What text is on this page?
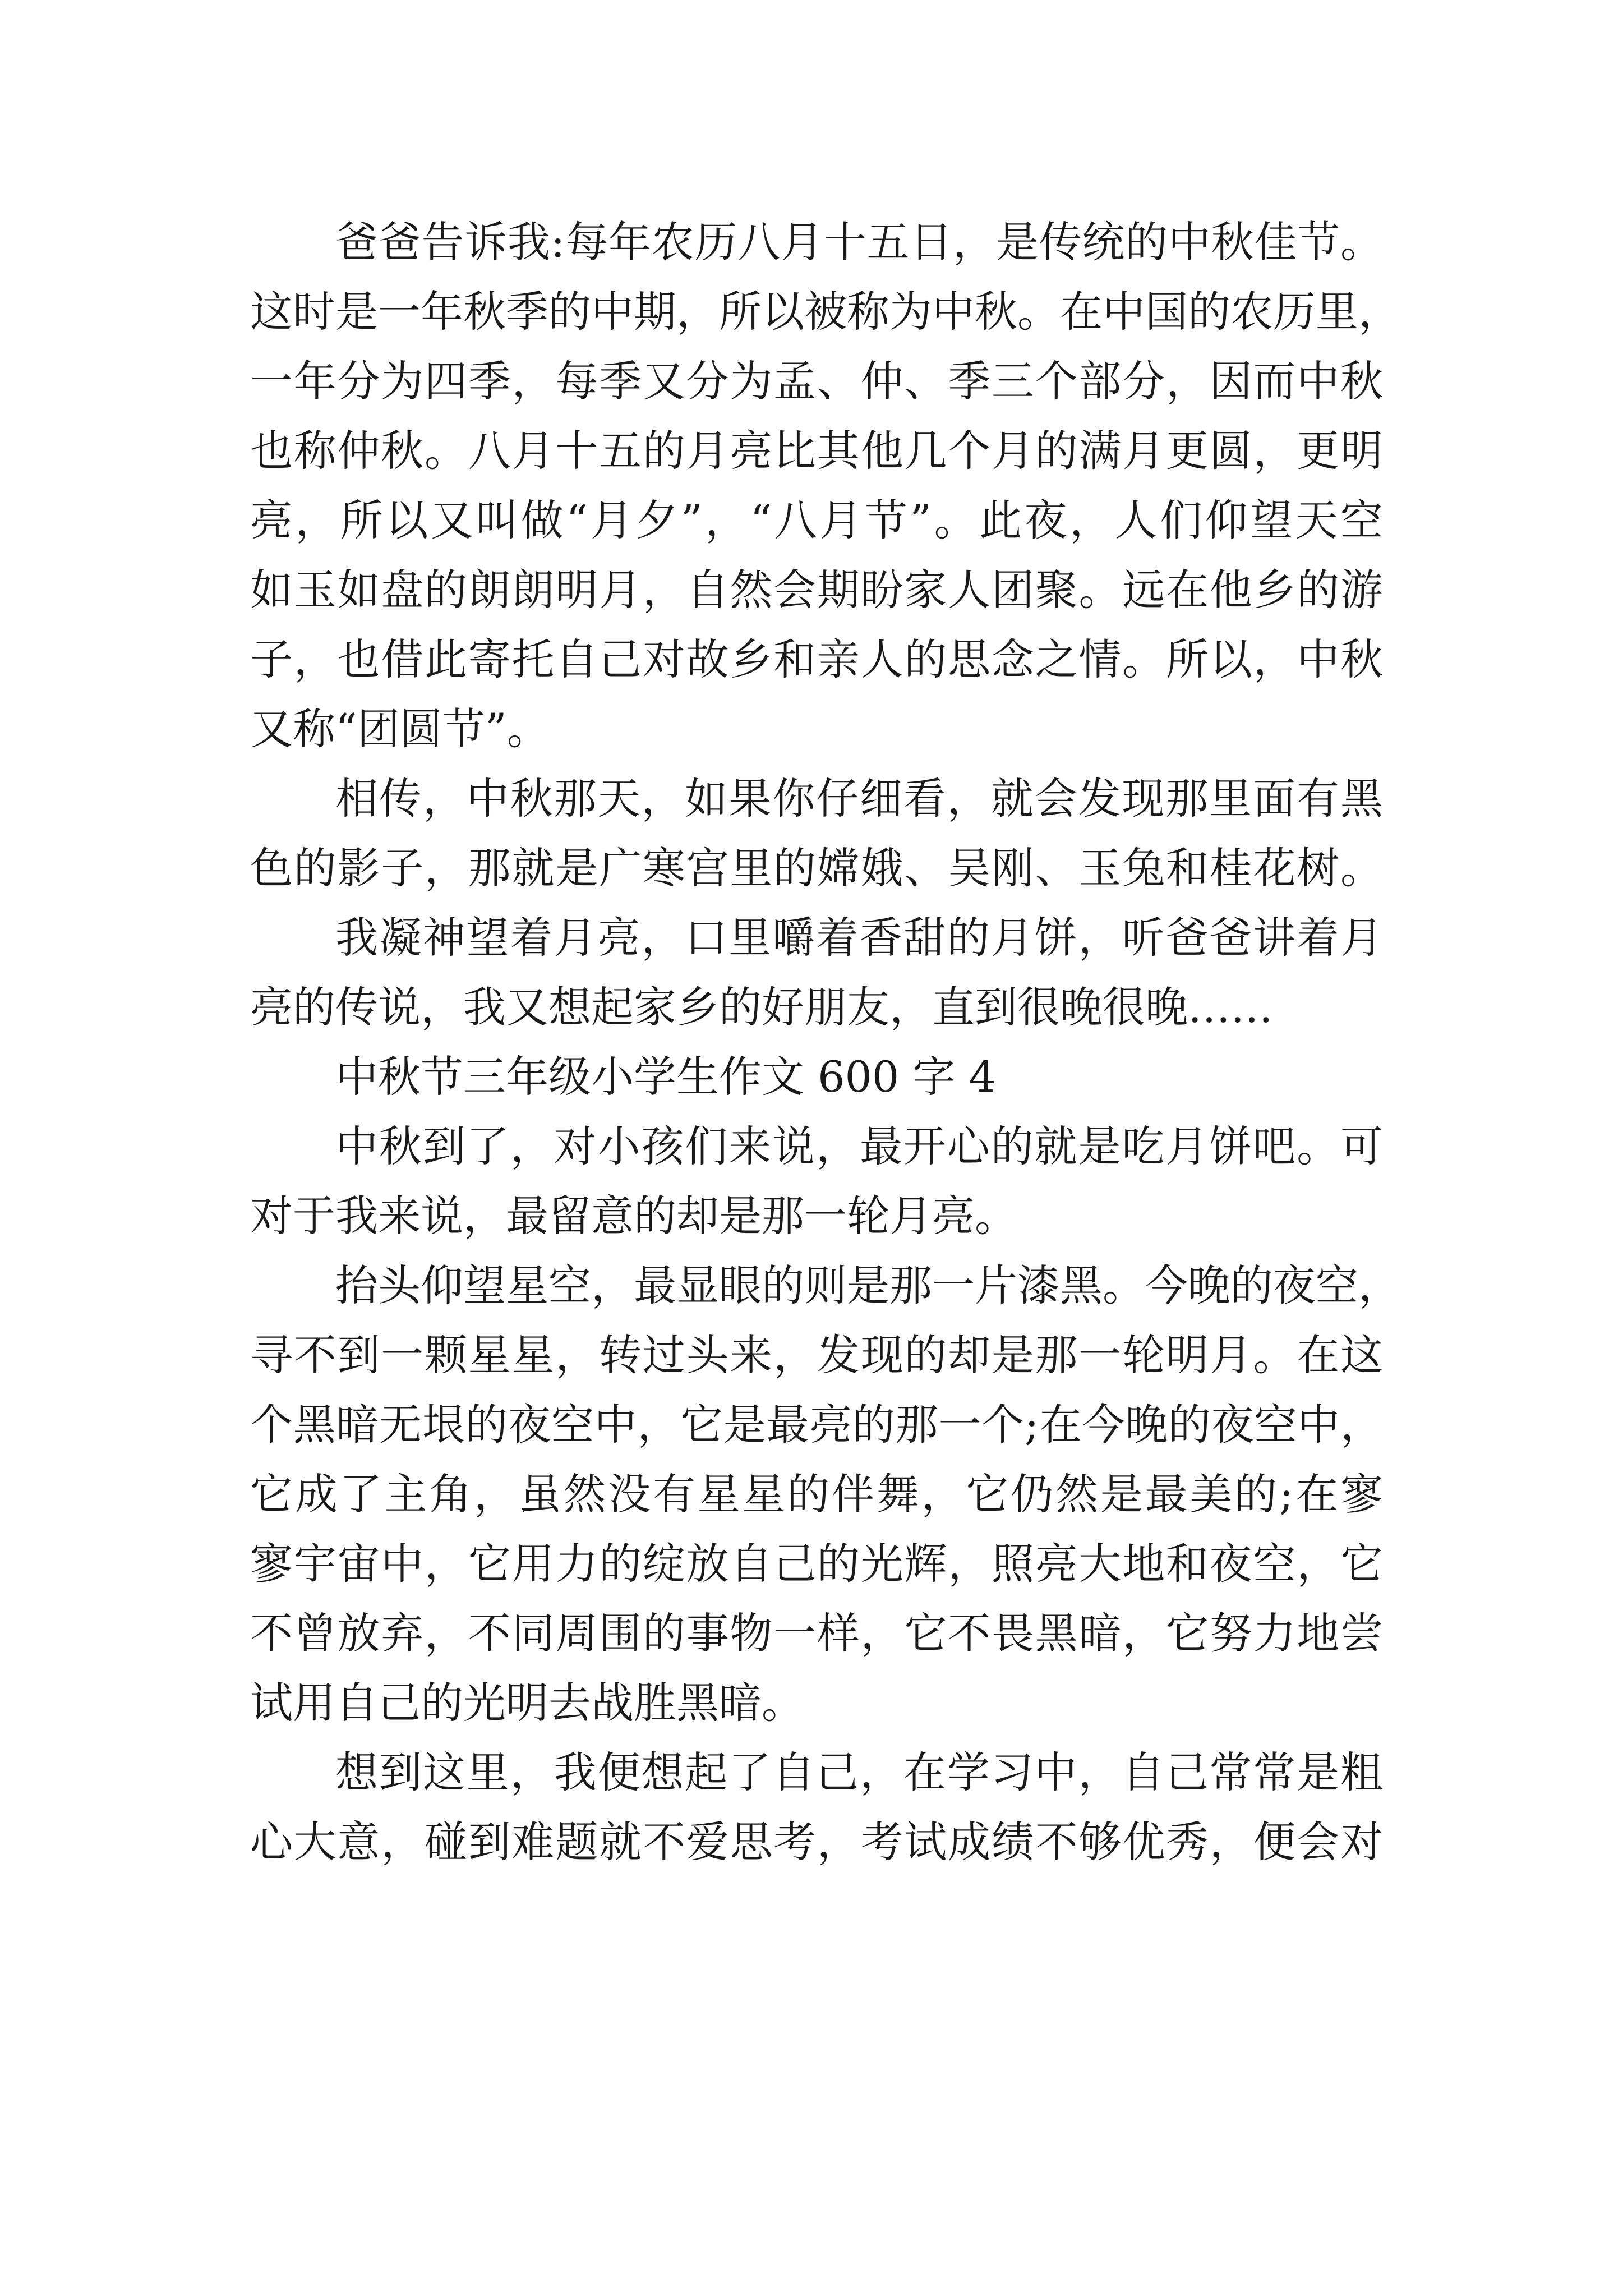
爸爸告诉我:每年农历八月十五日，是传统的中秋佳节。
这时是一年秋季的中期，所以被称为中秋。在中国的农历里，
一年分为四季，每季又分为孟、仲、季三个部分，因而中秋
也称仲秋。八月十五的月亮比其他几个月的满月更圆，更明
亮，所以又叫做“月夕”，“八月节”。此夜，人们仰望天空
如玉如盘的朗朗明月，自然会期盼家人团聚。远在他乡的游
子，也借此寄托自己对故乡和亲人的思念之情。所以，中秋
又称“团圆节”。
相传，中秋那天，如果你仔细看，就会发现那里面有黑
色的影子，那就是广寒宫里的嫦娥、吴刚、玉兔和桂花树。
我凝神望着月亮，口里嚼着香甜的月饼，听爸爸讲着月
亮的传说，我又想起家乡的好朋友，直到很晚很晚……
中秋节三年级小学生作文 600 字 4
中秋到了，对小孩们来说，最开心的就是吃月饼吧。可
对于我来说，最留意的却是那一轮月亮。
抬头仰望星空，最显眼的则是那一片漆黑。今晚的夜空，
寻不到一颗星星，转过头来，发现的却是那一轮明月。在这
个黑暗无垠的夜空中，它是最亮的那一个;在今晚的夜空中，
它成了主角，虽然没有星星的伴舞，它仍然是最美的;在寥
寥宇宙中，它用力的绽放自己的光辉，照亮大地和夜空，它
不曾放弃，不同周围的事物一样，它不畏黑暗，它努力地尝
试用自己的光明去战胜黑暗。
想到这里，我便想起了自己，在学习中，自己常常是粗
心大意，碰到难题就不爱思考，考试成绩不够优秀，便会对
